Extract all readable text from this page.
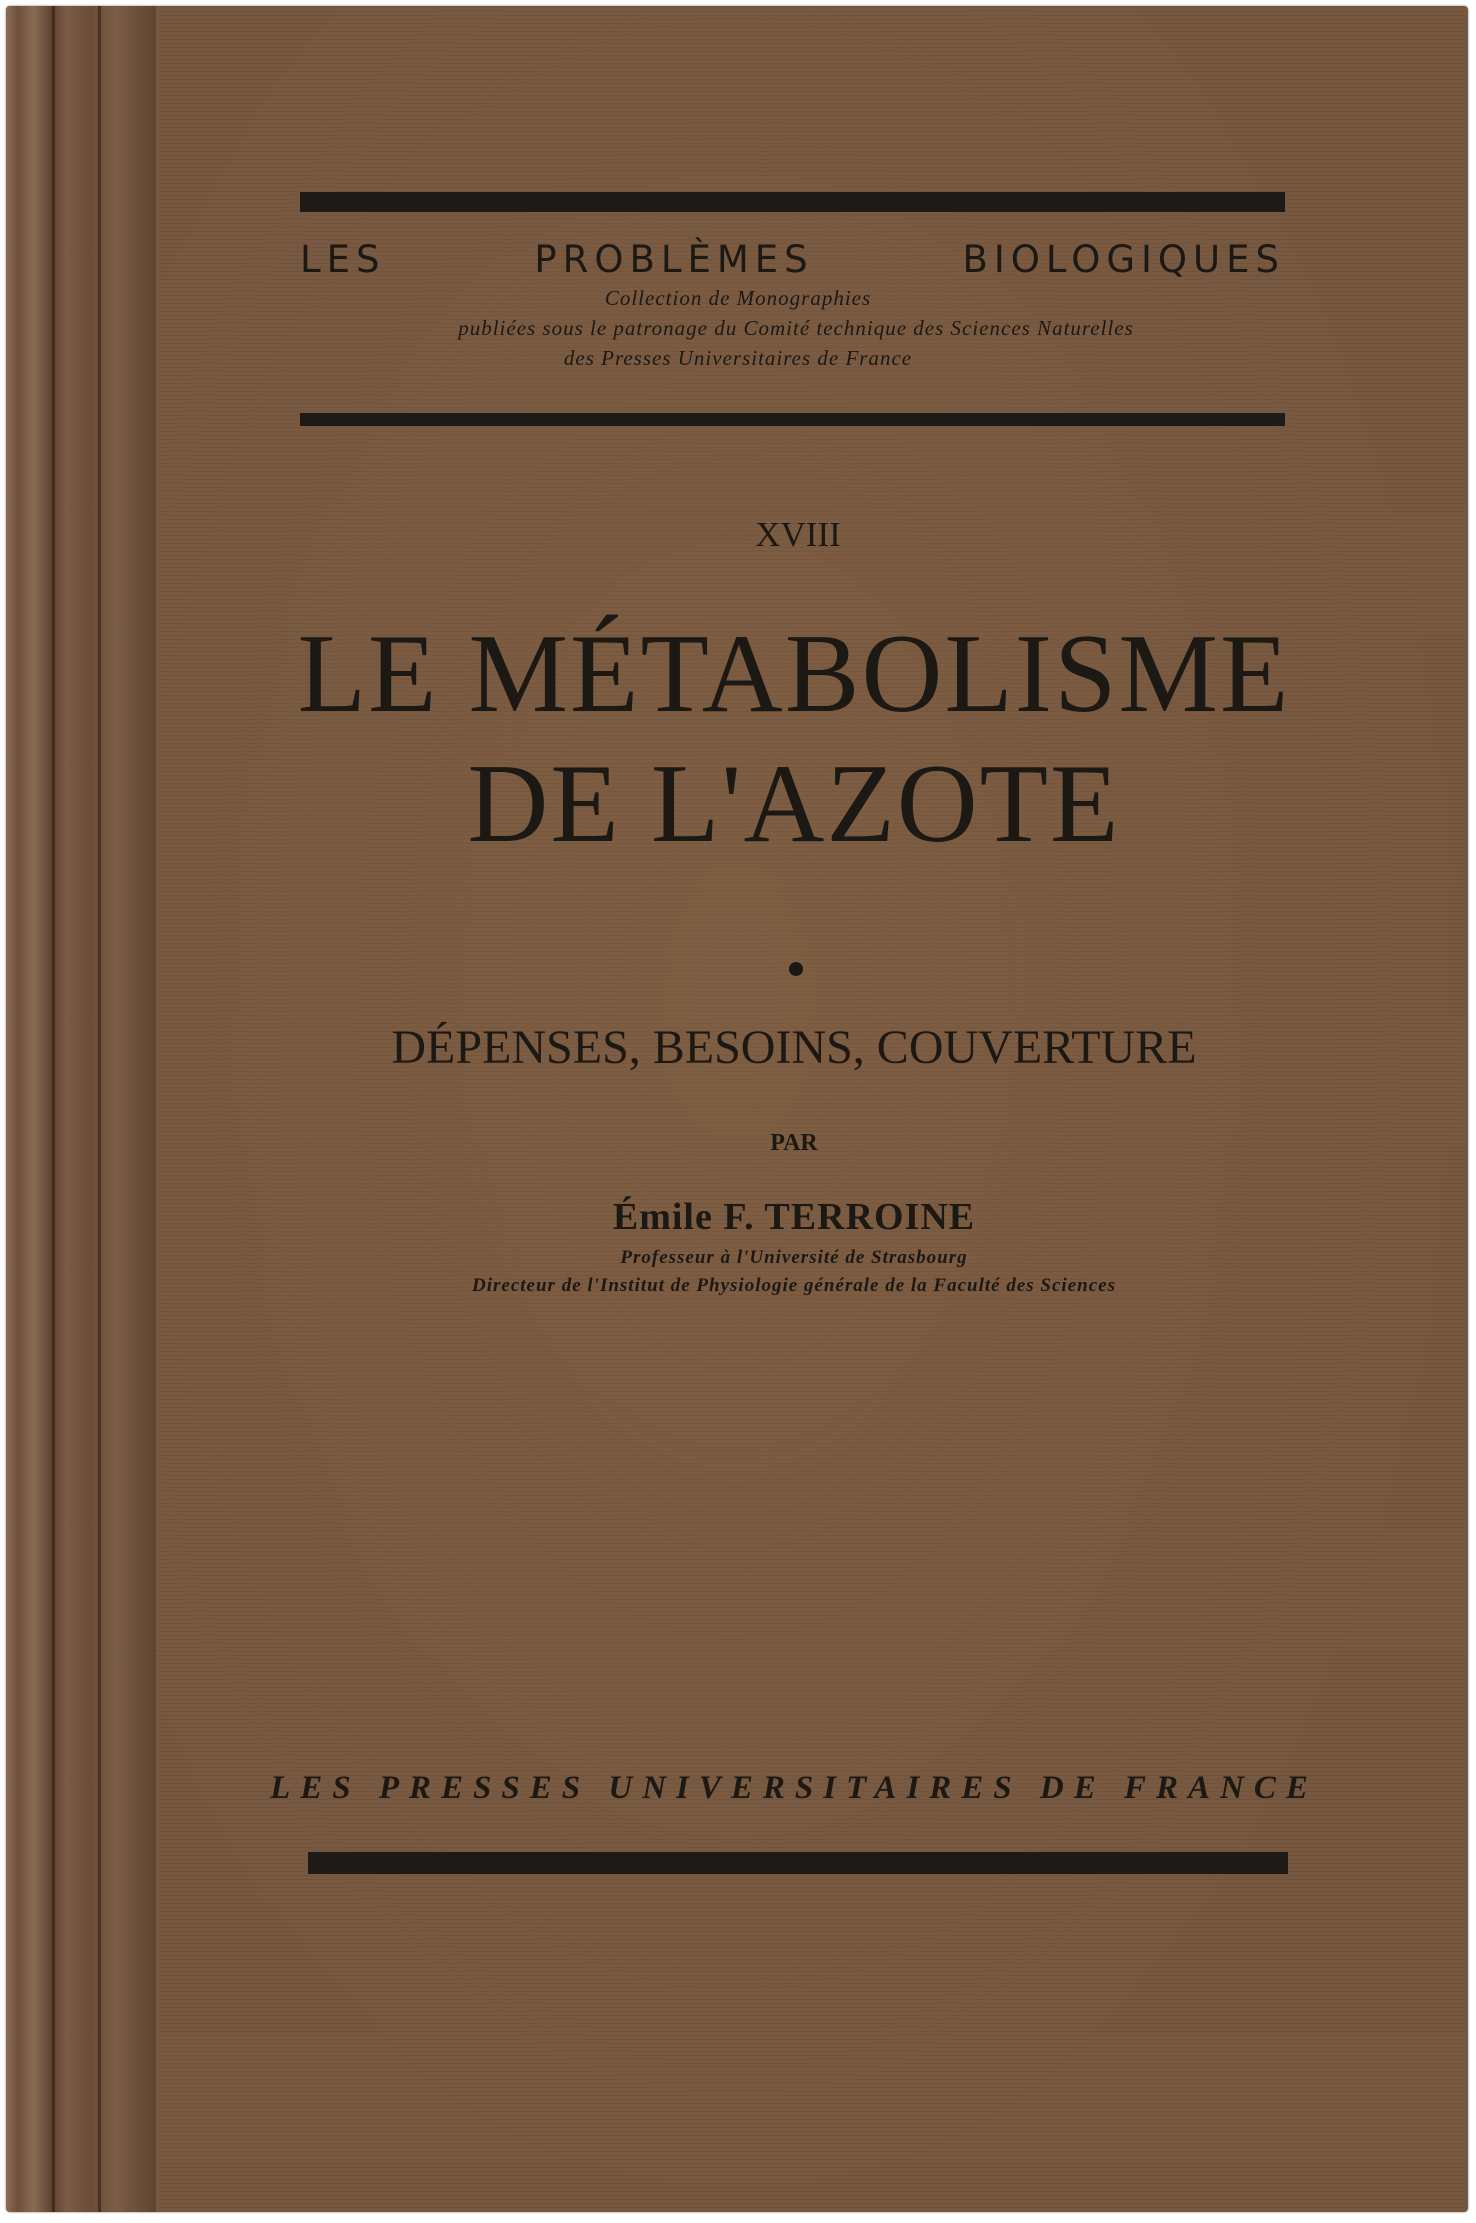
LES	PROBLÈMES	BIOLOGIQUES
Collection de Monographies
publiées sous le patronage du Comité technique des Sciences Naturelles
des Presses Universitaires de France
XVIII
LE MÉTABOLISME
DE L'AZOTE
DÉPENSES, BESOINS, COUVERTURE
PAR
Émile F. TERROINE
Professeur à l'Université de Strasbourg
Directeur de l'Institut de Physiologie générale de la Faculté des Sciences
LES PRESSES UNIVERSITAIRES DE FRANCE
